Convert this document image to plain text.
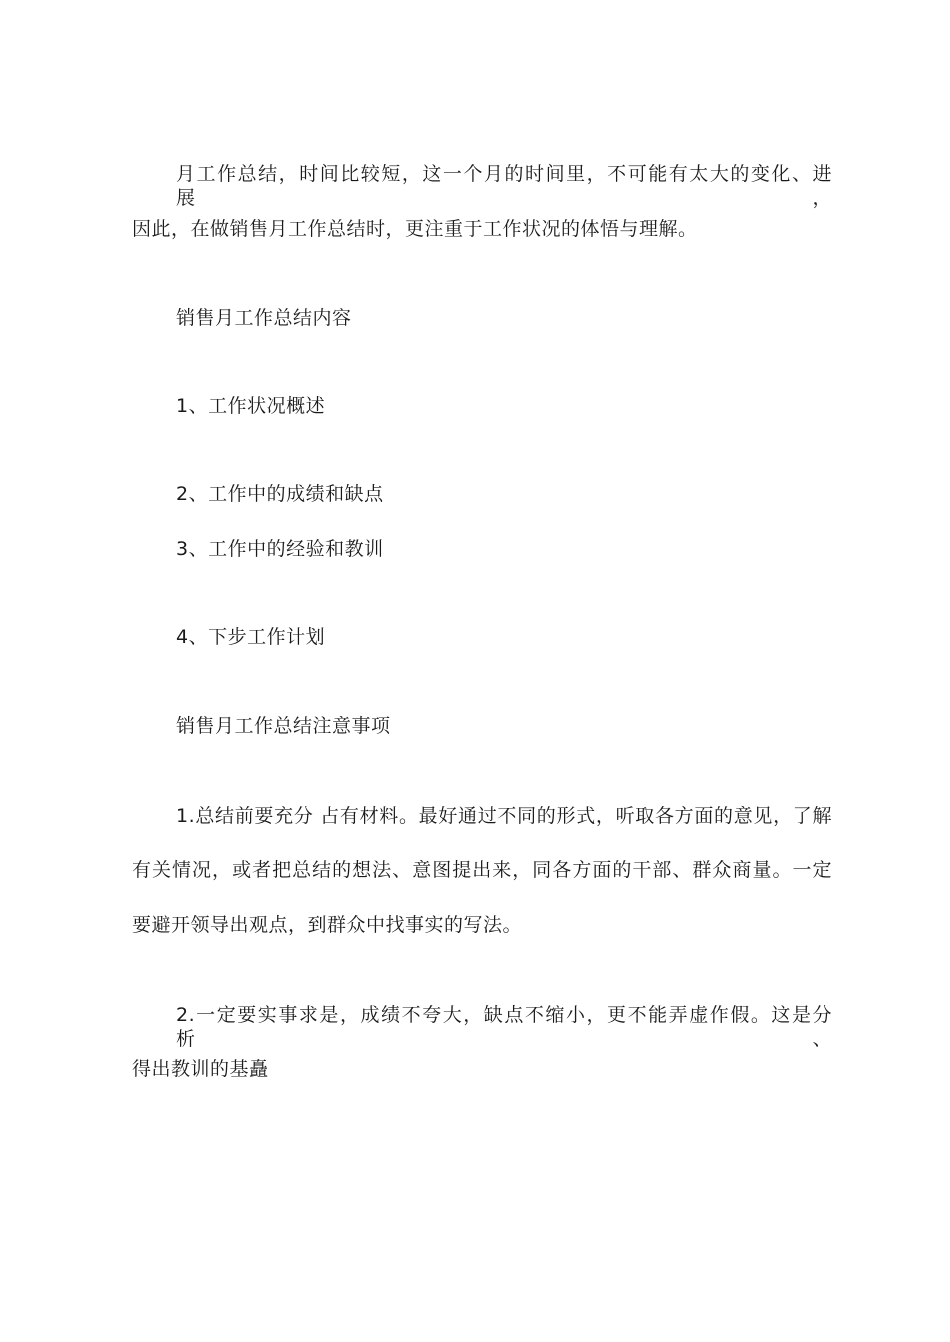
月工作总结，时间比较短，这一个月的时间里，不可能有太大的变化、进展，
因此，在做销售月工作总结时，更注重于工作状况的体悟与理解。
销售月工作总结内容
1、工作状况概述
2、工作中的成绩和缺点
3、工作中的经验和教训
4、下步工作计划
销售月工作总结注意事项
1.总结前要充分 占有材料。最好通过不同的形式，听取各方面的意见，了解
有关情况，或者把总结的想法、意图提出来，同各方面的干部、群众商量。一定
要避开领导出观点，到群众中找事实的写法。
2.一定要实事求是，成绩不夸大，缺点不缩小，更不能弄虚作假。这是分析、
得出教训的基矗
